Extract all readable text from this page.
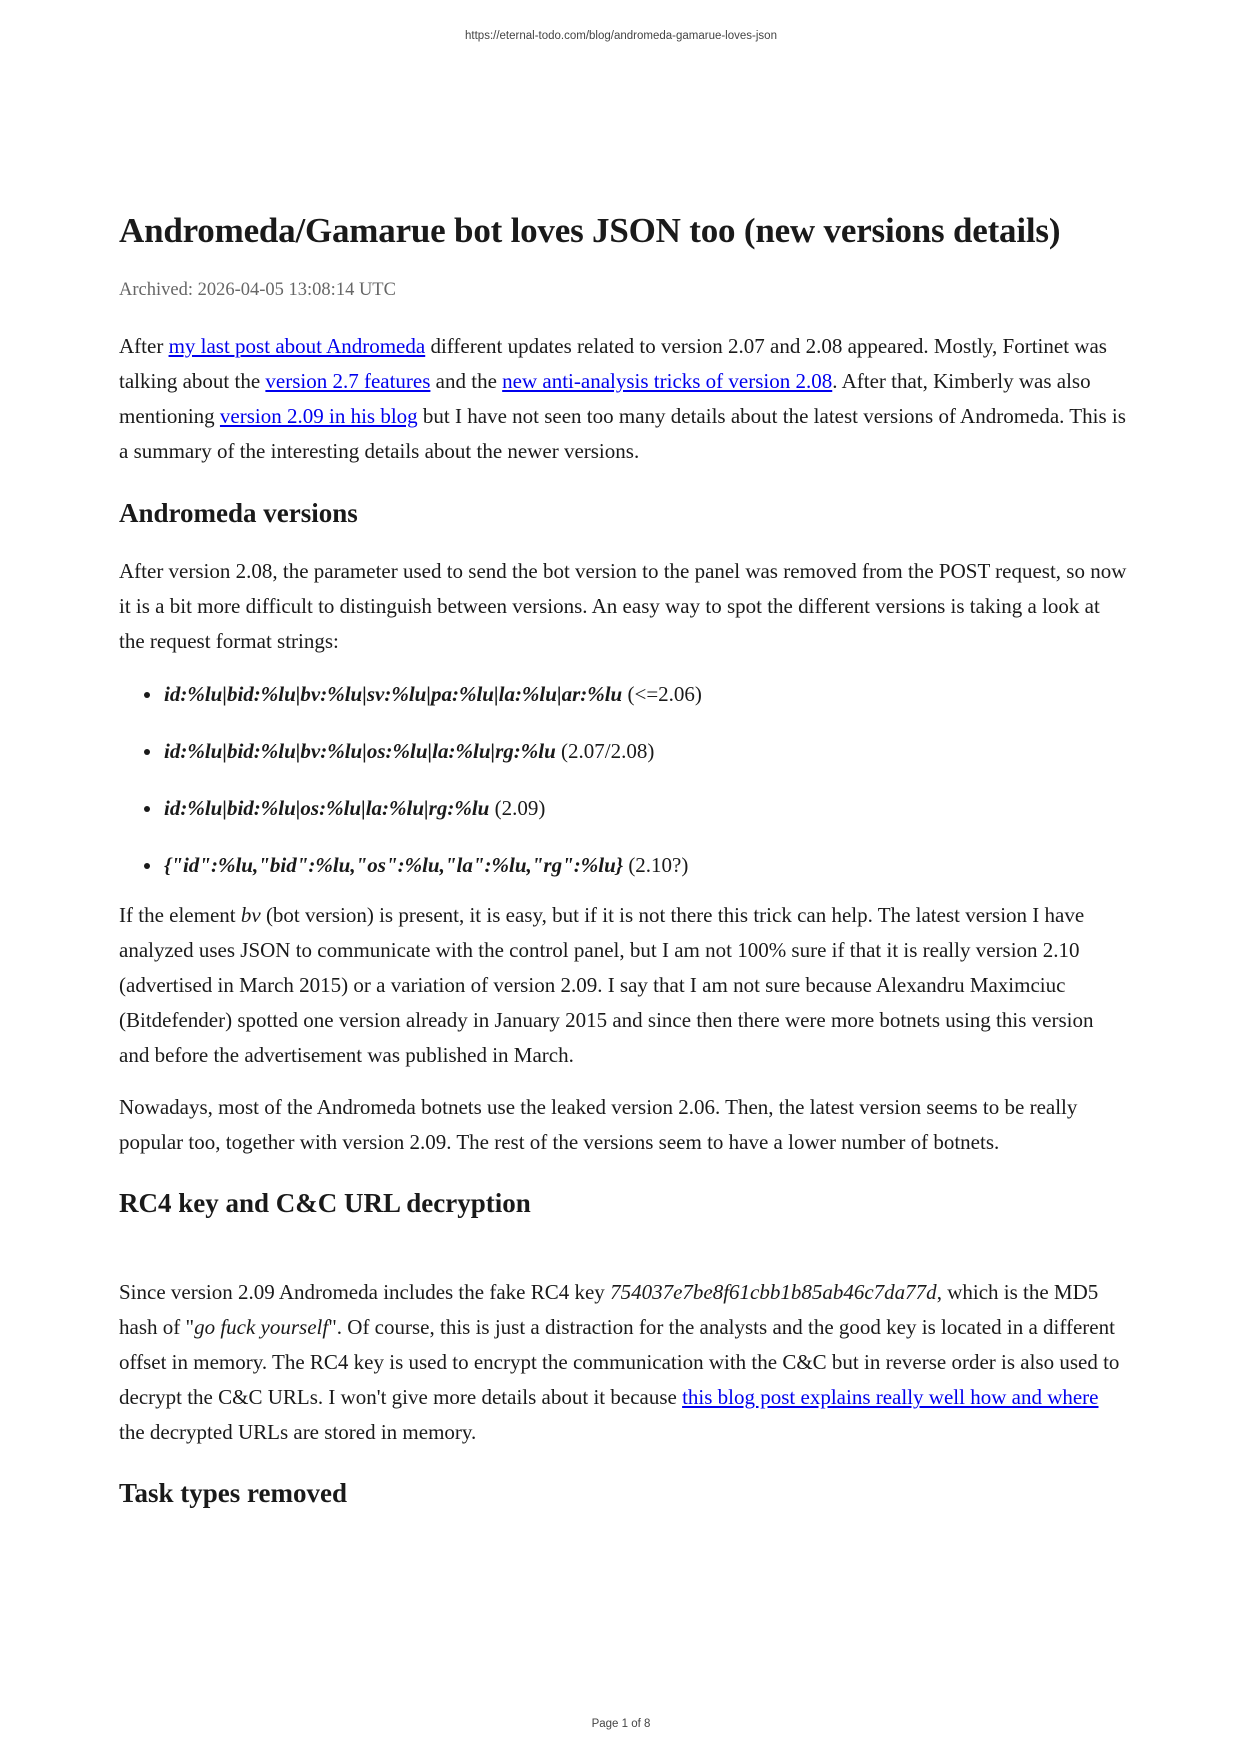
https://eternal-todo.com/blog/andromeda-gamarue-loves-json
Andromeda/Gamarue bot loves JSON too (new versions details)
Archived: 2026-04-05 13:08:14 UTC

After my last post about Andromeda different updates related to version 2.07 and 2.08 appeared. Mostly, Fortinet was talking about the version 2.7 features and the new anti-analysis tricks of version 2.08. After that, Kimberly was also mentioning version 2.09 in his blog but I have not seen too many details about the latest versions of Andromeda. This is a summary of the interesting details about the newer versions.

Andromeda versions

After version 2.08, the parameter used to send the bot version to the panel was removed from the POST request, so now it is a bit more difficult to distinguish between versions. An easy way to spot the different versions is taking a look at the request format strings:

id:%lu|bid:%lu|bv:%lu|sv:%lu|pa:%lu|la:%lu|ar:%lu (<=2.06)
id:%lu|bid:%lu|bv:%lu|os:%lu|la:%lu|rg:%lu (2.07/2.08)
id:%lu|bid:%lu|os:%lu|la:%lu|rg:%lu (2.09)
{"id":%lu,"bid":%lu,"os":%lu,"la":%lu,"rg":%lu} (2.10?)

If the element bv (bot version) is present, it is easy, but if it is not there this trick can help. The latest version I have analyzed uses JSON to communicate with the control panel, but I am not 100% sure if that it is really version 2.10 (advertised in March 2015) or a variation of version 2.09. I say that I am not sure because Alexandru Maximciuc (Bitdefender) spotted one version already in January 2015 and since then there were more botnets using this version and before the advertisement was published in March.

Nowadays, most of the Andromeda botnets use the leaked version 2.06. Then, the latest version seems to be really popular too, together with version 2.09. The rest of the versions seem to have a lower number of botnets.

RC4 key and C&C URL decryption

Since version 2.09 Andromeda includes the fake RC4 key 754037e7be8f61cbb1b85ab46c7da77d, which is the MD5 hash of "go fuck yourself". Of course, this is just a distraction for the analysts and the good key is located in a different offset in memory. The RC4 key is used to encrypt the communication with the C&C but in reverse order is also used to decrypt the C&C URLs. I won't give more details about it because this blog post explains really well how and where the decrypted URLs are stored in memory.

Task types removed
Page 1 of 8
